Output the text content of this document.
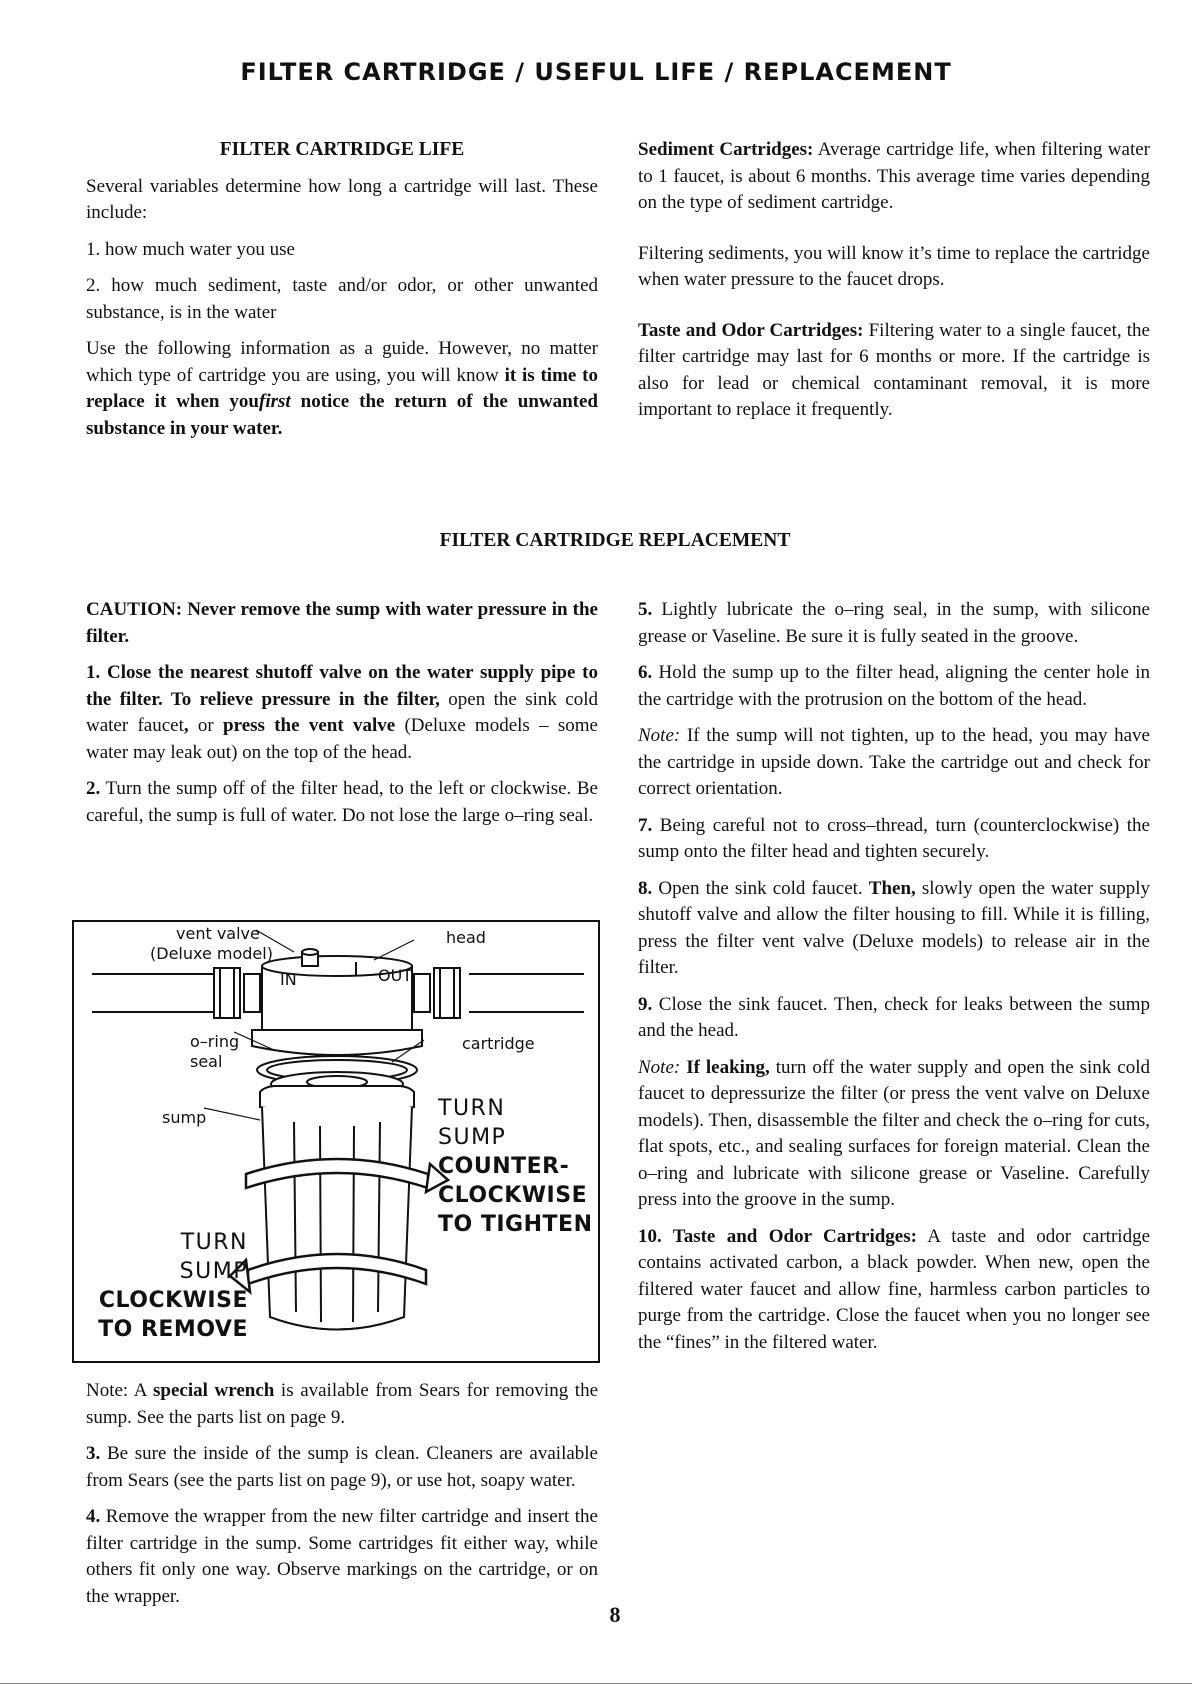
FILTER CARTRIDGE / USEFUL LIFE / REPLACEMENT
FILTER CARTRIDGE LIFE

Several variables determine how long a cartridge will last. These include:

1. how much water you use

2. how much sediment, taste and/or odor, or other unwanted substance, is in the water

Use the following information as a guide. However, no matter which type of cartridge you are using, you will know it is time to replace it when youfirst notice the return of the unwanted substance in your water.

Sediment Cartridges: Average cartridge life, when filtering water to 1 faucet, is about 6 months. This average time varies depending on the type of sediment cartridge.

Filtering sediments, you will know it’s time to replace the cartridge when water pressure to the faucet drops.

Taste and Odor Cartridges: Filtering water to a single faucet, the filter cartridge may last for 6 months or more. If the cartridge is also for lead or chemical contaminant removal, it is more important to replace it frequently.

FILTER CARTRIDGE REPLACEMENT

CAUTION: Never remove the sump with water pressure in the filter.

1. Close the nearest shutoff valve on the water supply pipe to the filter. To relieve pressure in the filter, open the sink cold water faucet, or press the vent valve (Deluxe models – some water may leak out) on the top of the head.

2. Turn the sump off of the filter head, to the left or clockwise. Be careful, the sump is full of water. Do not lose the large o–ring seal.

vent valve
(Deluxe model)
head
IN	OUT
o–ring
seal
cartridge
sump	TURN
SUMP
COUNTER-
CLOCKWISE
TO TIGHTEN
TURN
SUMP
CLOCKWISE
TO REMOVE

Note: A special wrench is available from Sears for removing the sump. See the parts list on page 9.

3. Be sure the inside of the sump is clean. Cleaners are available from Sears (see the parts list on page 9), or use hot, soapy water.

4. Remove the wrapper from the new filter cartridge and insert the filter cartridge in the sump. Some cartridges fit either way, while others fit only one way. Observe markings on the cartridge, or on the wrapper.

5. Lightly lubricate the o–ring seal, in the sump, with silicone grease or Vaseline. Be sure it is fully seated in the groove.

6. Hold the sump up to the filter head, aligning the center hole in the cartridge with the protrusion on the bottom of the head.

Note: If the sump will not tighten, up to the head, you may have the cartridge in upside down. Take the cartridge out and check for correct orientation.

7. Being careful not to cross–thread, turn (counterclockwise) the sump onto the filter head and tighten securely.

8. Open the sink cold faucet. Then, slowly open the water supply shutoff valve and allow the filter housing to fill. While it is filling, press the filter vent valve (Deluxe models) to release air in the filter.

9. Close the sink faucet. Then, check for leaks between the sump and the head.

Note: If leaking, turn off the water supply and open the sink cold faucet to depressurize the filter (or press the vent valve on Deluxe models). Then, disassemble the filter and check the o–ring for cuts, flat spots, etc., and sealing surfaces for foreign material. Clean the o–ring and lubricate with silicone grease or Vaseline. Carefully press into the groove in the sump.

10. Taste and Odor Cartridges: A taste and odor cartridge contains activated carbon, a black powder. When new, open the filtered water faucet and allow fine, harmless carbon particles to purge from the cartridge. Close the faucet when you no longer see the “fines” in the filtered water.

8
